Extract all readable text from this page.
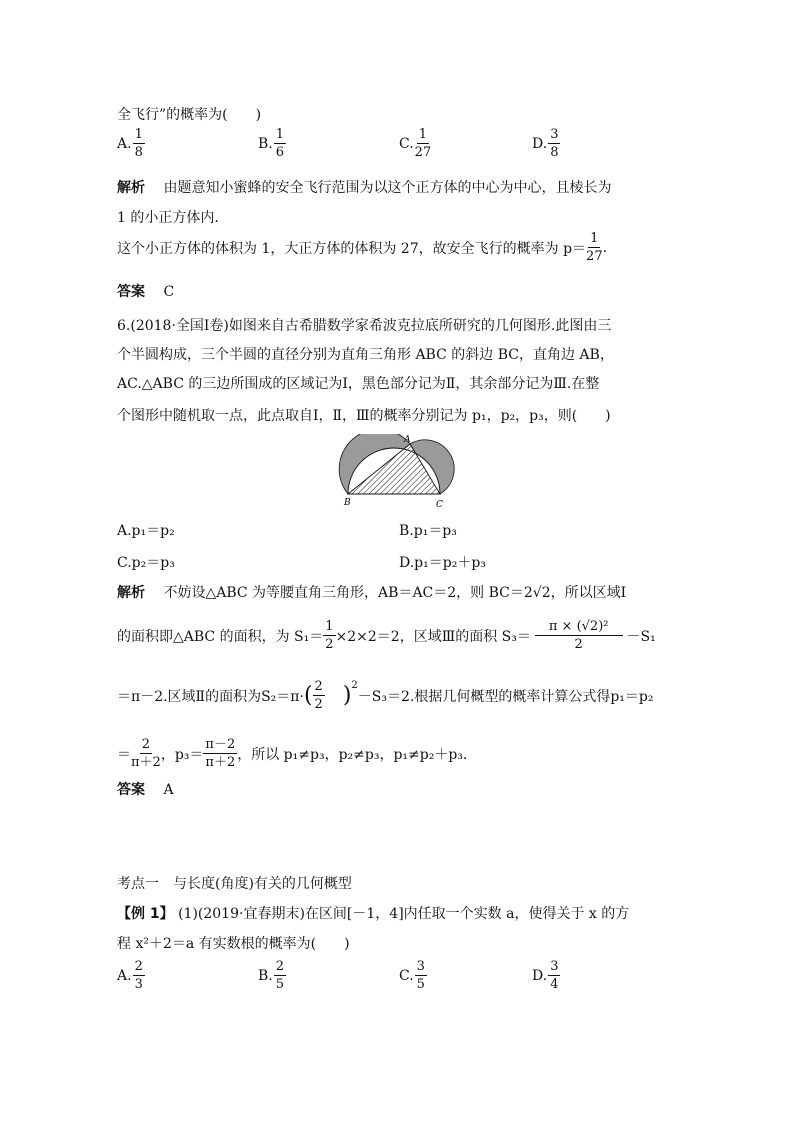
全飞行”的概率为(　　)
A. $\frac{1}{8}$	B. $\frac{1}{6}$	C. $\frac{1}{27}$	D. $\frac{3}{8}$
解析　 由题意知小蜜蜂的安全飞行范围为以这个正方体的中心为中心，且棱长为
1 的小正方体内.
这个小正方体的体积为 1，大正方体的体积为 27，故安全飞行的概率为 $p= \frac{1}{27}$ .
答案　 C
6.(2018·全国Ⅰ卷)如图来自古希腊数学家希波克拉底所研究的几何图形.此图由三
个半圆构成，三个半圆的直径分别为直角三角形 ABC 的斜边 BC，直角边 AB，
AC.△ABC 的三边所围成的区域记为Ⅰ，黑色部分记为Ⅱ，其余部分记为Ⅲ.在整
个图形中随机取一点，此点取自Ⅰ，Ⅱ，Ⅲ的概率分别记为 p₁，p₂，p₃，则(　　)
A
B	C
A.p₁＝p₂	B.p₁＝p₃
C.p₂＝p₃	D.p₁＝p₂＋p₃
解析　 不妨设△ABC 为等腰直角三角形，AB＝AC＝2，则 BC＝2√2，所以区域Ⅰ
的面积即△ABC 的面积，为 $S_1= \frac{1}{2} \times 2\times 2=2$，区域Ⅲ的面积 $S_3= \frac{\text{π × (√2)²}}{2} -S_1$
＝π－2.区域Ⅱ的面积为S₂＝π· ( $\frac{2}{2}$ ) 2
－S₃＝2.根据几何概型的概率计算公式得p₁＝p₂
＝ $\frac{2}{\pi+2}$ ，$p_3= \frac{\pi-2}{\pi+2}$ ，所以 p₁≠p₃，p₂≠p₃，p₁≠p₂＋p₃.
答案　 A
考点一　与长度(角度)有关的几何概型
【例 1】 (1)(2019·宜春期末)在区间[－1，4]内任取一个实数 a，使得关于 x 的方
程 x²＋2＝a 有实数根的概率为(　　)
A. $\frac{2}{3}$	B. $\frac{2}{5}$	C. $\frac{3}{5}$	D. $\frac{3}{4}$
